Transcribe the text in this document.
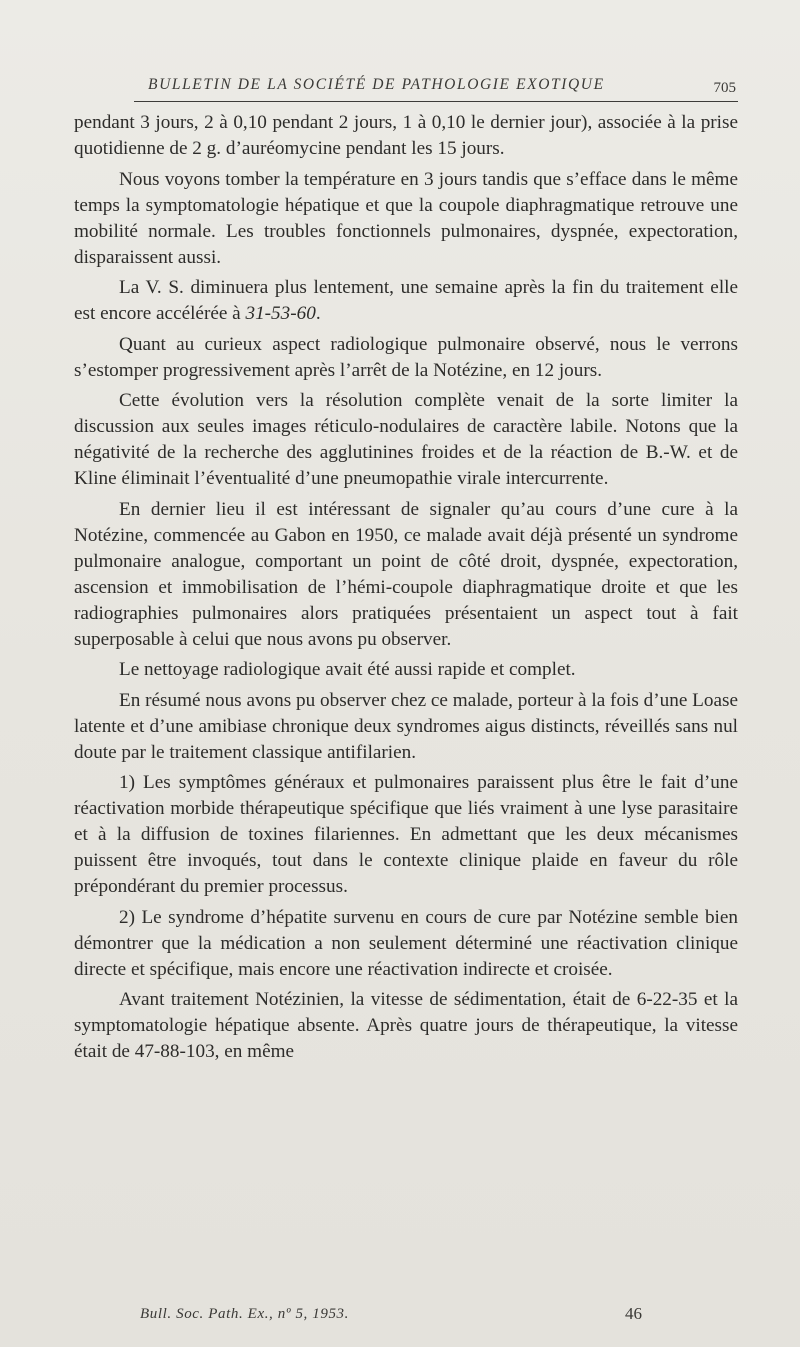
BULLETIN DE LA SOCIÉTÉ DE PATHOLOGIE EXOTIQUE	705

pendant 3 jours, 2 à 0,10 pendant 2 jours, 1 à 0,10 le dernier jour), associée à la prise quotidienne de 2 g. d’auréomycine pendant les 15 jours.

Nous voyons tomber la température en 3 jours tandis que s’efface dans le même temps la symptomatologie hépatique et que la coupole diaphragmatique retrouve une mobilité normale. Les troubles fonctionnels pulmonaires, dyspnée, expectoration, disparaissent aussi.

La V. S. diminuera plus lentement, une semaine après la fin du traitement elle est encore accélérée à 31-53-60.

Quant au curieux aspect radiologique pulmonaire observé, nous le verrons s’estomper progressivement après l’arrêt de la Notézine, en 12 jours.

Cette évolution vers la résolution complète venait de la sorte limiter la discussion aux seules images réticulo-nodulaires de caractère labile. Notons que la négativité de la recherche des agglutinines froides et de la réaction de B.-W. et de Kline éliminait l’éventualité d’une pneumopathie virale intercurrente.

En dernier lieu il est intéressant de signaler qu’au cours d’une cure à la Notézine, commencée au Gabon en 1950, ce malade avait déjà présenté un syndrome pulmonaire analogue, comportant un point de côté droit, dyspnée, expectoration, ascension et immobilisation de l’hémi-coupole diaphragmatique droite et que les radiographies pulmonaires alors pratiquées présentaient un aspect tout à fait superposable à celui que nous avons pu observer.

Le nettoyage radiologique avait été aussi rapide et complet.

En résumé nous avons pu observer chez ce malade, porteur à la fois d’une Loase latente et d’une amibiase chronique deux syndromes aigus distincts, réveillés sans nul doute par le traitement classique antifilarien.

1) Les symptômes généraux et pulmonaires paraissent plus être le fait d’une réactivation morbide thérapeutique spécifique que liés vraiment à une lyse parasitaire et à la diffusion de toxines filariennes. En admettant que les deux mécanismes puissent être invoqués, tout dans le contexte clinique plaide en faveur du rôle prépondérant du premier processus.

2) Le syndrome d’hépatite survenu en cours de cure par Notézine semble bien démontrer que la médication a non seulement déterminé une réactivation clinique directe et spécifique, mais encore une réactivation indirecte et croisée.

Avant traitement Notézinien, la vitesse de sédimentation, était de 6-22-35 et la symptomatologie hépatique absente. Après quatre jours de thérapeutique, la vitesse était de 47-88-103, en même

Bull. Soc. Path. Ex., nº 5, 1953.	46
